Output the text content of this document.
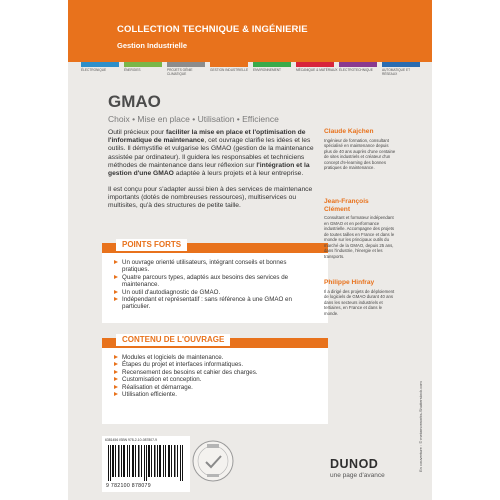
COLLECTION TECHNIQUE & INGÉNIERIE
Gestion Industrielle
ÉLECTRONIQUE	ÉNERGIES	PROJETS GÉNIE CLIMATIQUE
GESTION INDUSTRIELLE	ENVIRONNEMENT	MÉCANIQUE & MATÉRIAUX ÉLECTROTECHNIQUE	AUTOMATIQUE ET RÉSEAUX
GMAO
Choix • Mise en place • Utilisation • Efficience
Outil précieux pour faciliter la mise en place et l'optimisation de l'informatique de maintenance, cet ouvrage clarifie les idées et les outils. Il démystifie et vulgarise les GMAO (gestion de la maintenance assistée par ordinateur). Il guidera les responsables et techniciens méthodes de maintenance dans leur réflexion sur l'intégration et la gestion d'une GMAO adaptée à leurs projets et à leur entreprise.
Il est conçu pour s'adapter aussi bien à des services de maintenance importants (dotés de nombreuses ressources), multiservices ou multisites, qu'à des structures de petite taille.
POINTS FORTS
Un ouvrage orienté utilisateurs, intégrant conseils et bonnes pratiques.
Quatre parcours types, adaptés aux besoins des services de maintenance.
Un outil d'autodiagnostic de GMAO.
Indépendant et représentatif : sans référence à une GMAO en particulier.
CONTENU DE L'OUVRAGE
Modules et logiciels de maintenance.
Étapes du projet et interfaces informatiques.
Recensement des besoins et cahier des charges.
Customisation et conception.
Réalisation et démarrage.
Utilisation efficiente.
Claude Kajchen
Ingénieur de formation, consultant spécialisé en maintenance depuis plus de 40 ans auprès d'une centaine de sites industriels et créateur d'un concept d'e-learning des bonnes pratiques de maintenance.
Jean-François Clément
Consultant et formateur indépendant en GMAO et en performance industrielle. Accompagne des projets de toutes tailles en France et dans le monde sur les principaux outils du marché de la GMAO, depuis 25 ans, dans l'industrie, l'énergie et les transports.
Philippe Hinfray
Il a dirigé des projets de déploiement de logiciels de GMAO durant 40 ans dans les secteurs industriels et tertiaires, en France et dans le monde.
6381456 ISBN 978-2-10-087807-9
9 782100 878079
DUNOD
une page d'avance
En couverture : © metamorworks-Shutterstock.com
